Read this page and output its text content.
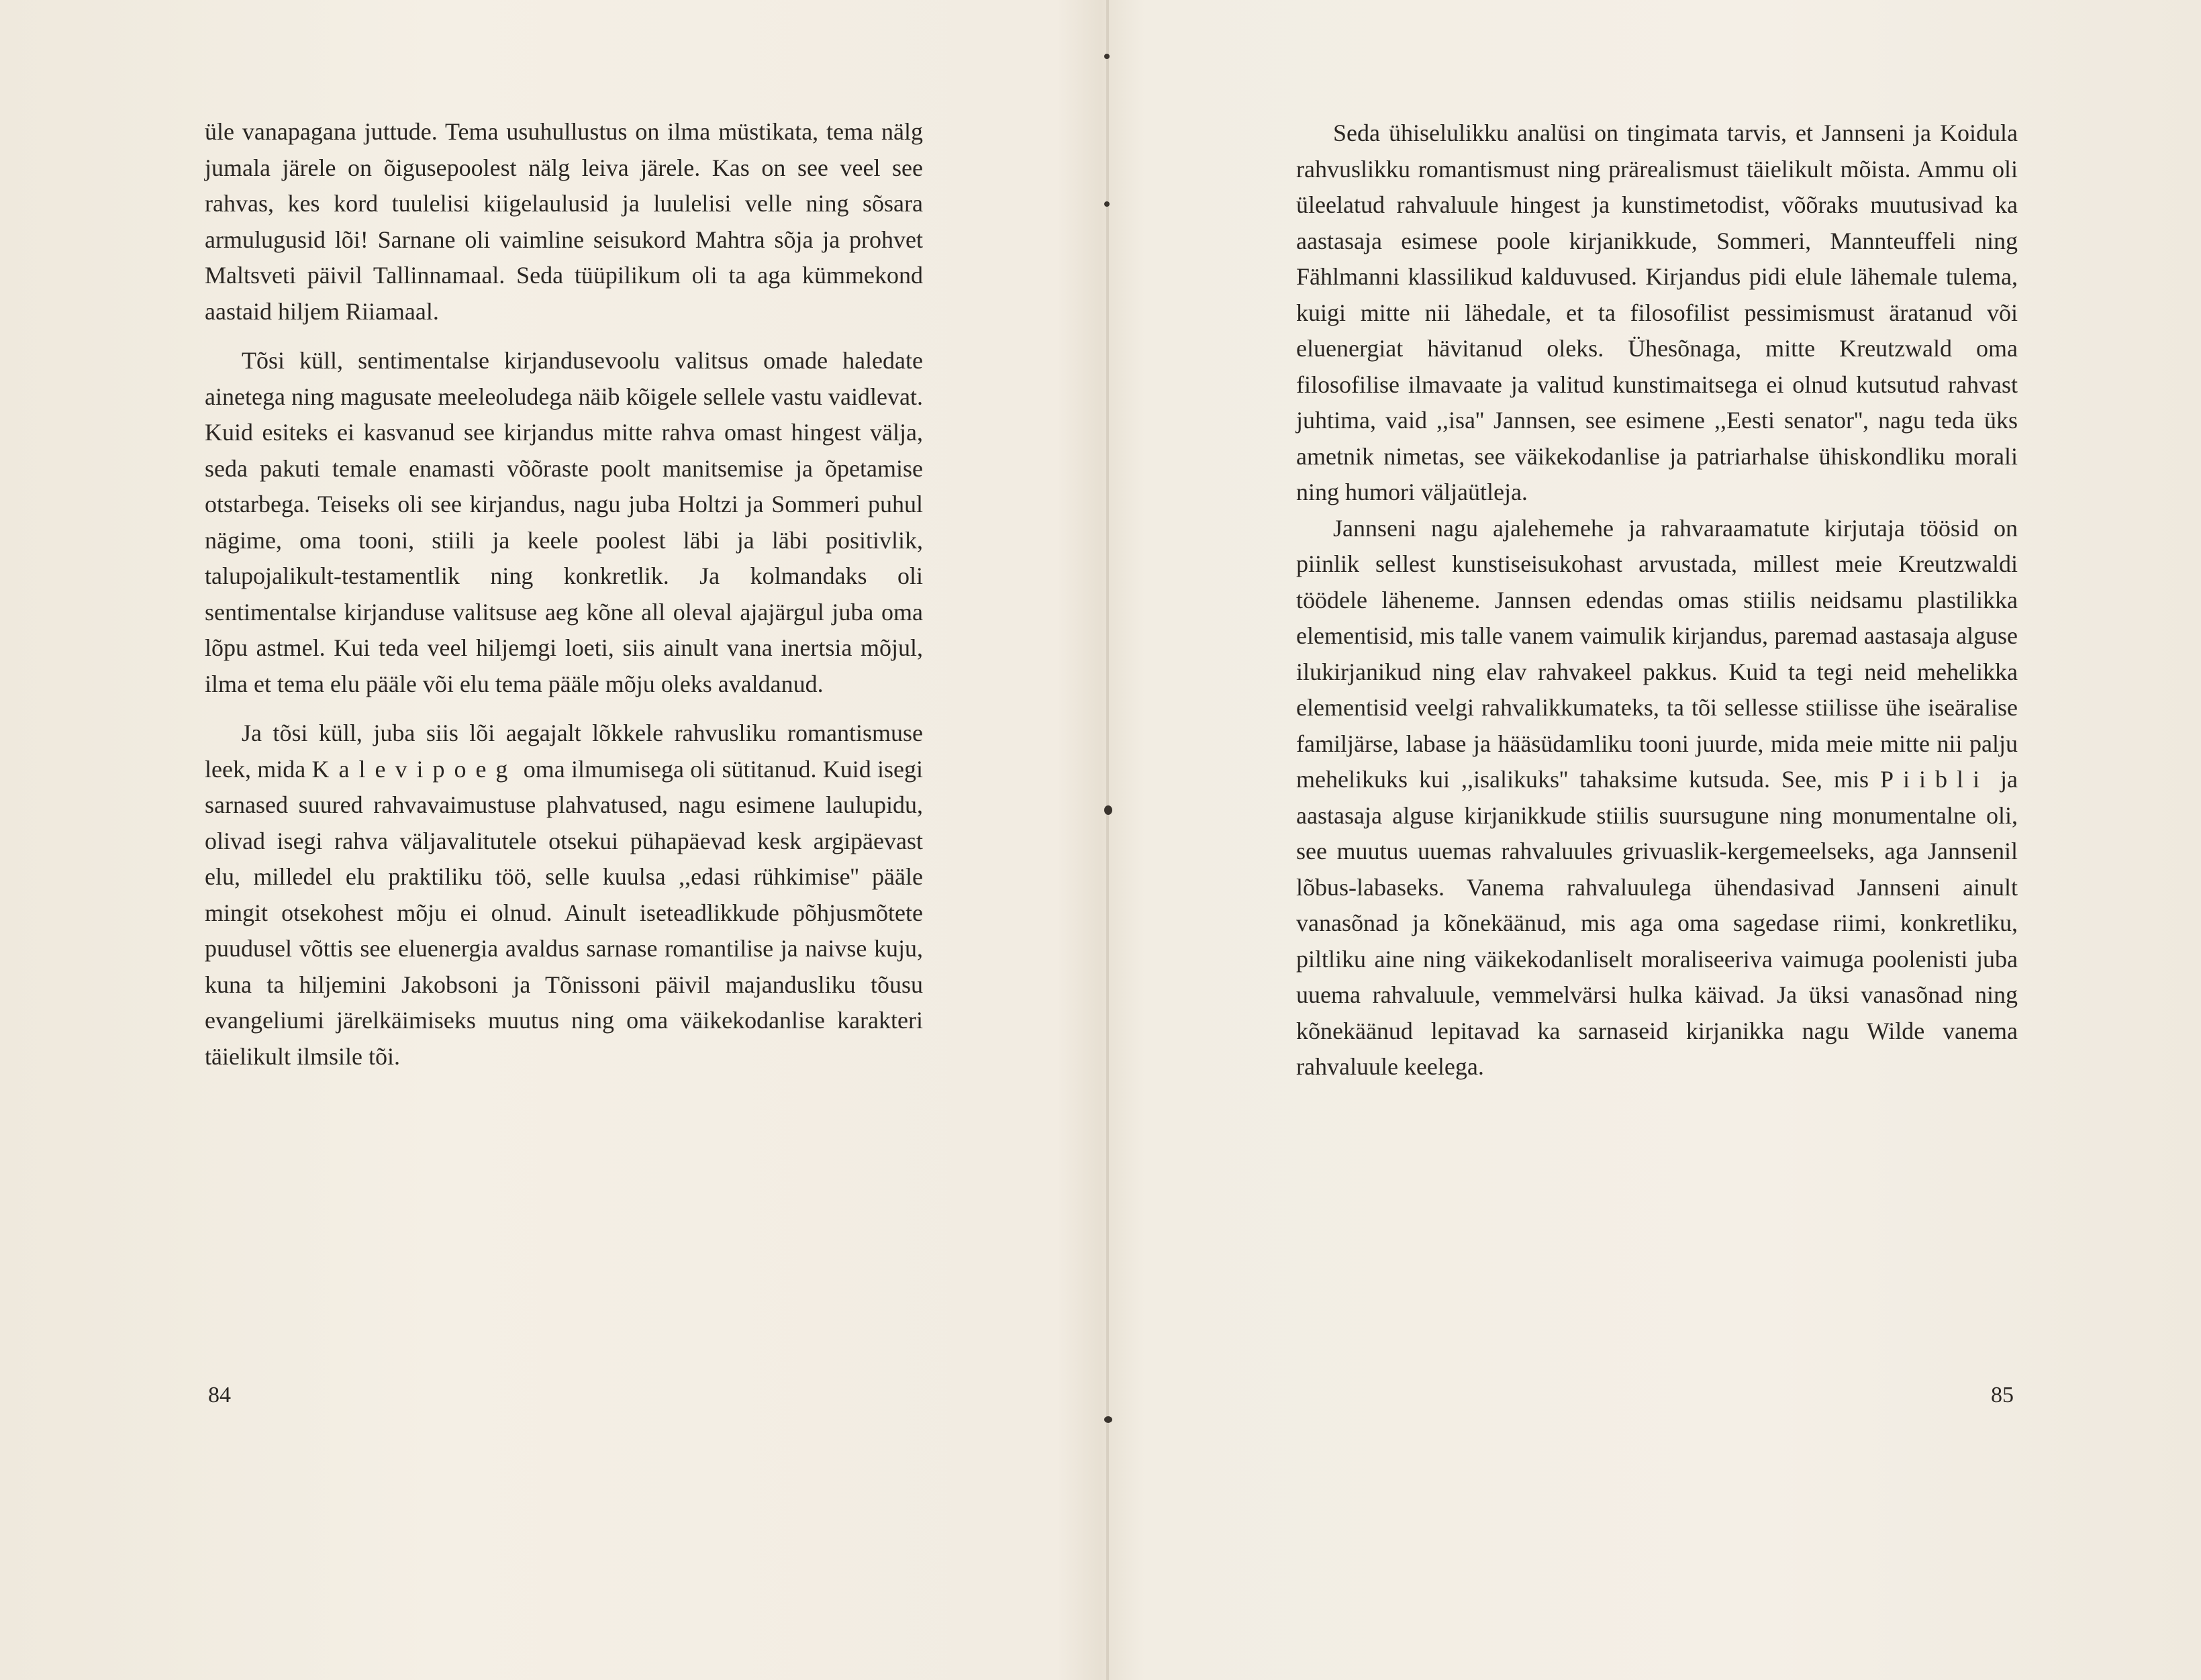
üle vanapagana juttude. Tema usuhullustus on ilma müstikata, tema nälg jumala järele on õigusepoolest nälg leiva järele. Kas on see veel see rahvas, kes kord tuulelisi kiigelaulusid ja luulelisi velle ning sõsara armulugusid lõi! Sarnane oli vaimline seisukord Mahtra sõja ja prohvet Maltsveti päivil Tallinnamaal. Seda tüüpilikum oli ta aga kümmekond aastaid hiljem Riiamaal.

Tõsi küll, sentimentalse kirjandusevoolu valitsus omade haledate ainetega ning magusate meeleoludega näib kõigele sellele vastu vaidlevat. Kuid esiteks ei kasvanud see kirjandus mitte rahva omast hingest välja, seda pakuti temale enamasti võõraste poolt manitsemise ja õpetamise otstarbega. Teiseks oli see kirjandus, nagu juba Holtzi ja Sommeri puhul nägime, oma tooni, stiili ja keele poolest läbi ja läbi positivlik, talupojalikult-testamentlik ning konkretlik. Ja kolmandaks oli sentimentalse kirjanduse valitsuse aeg kõne all oleval ajajärgul juba oma lõpu astmel. Kui teda veel hiljemgi loeti, siis ainult vana inertsia mõjul, ilma et tema elu pääle või elu tema pääle mõju oleks avaldanud.

Ja tõsi küll, juba siis lõi aegajalt lõkkele rahvusliku romantismuse leek, mida Kalevipoeg oma ilmumisega oli sütitanud. Kuid isegi sarnased suured rahvavaimustuse plahvatused, nagu esimene laulupidu, olivad isegi rahva väljavalitutele otsekui pühapäevad kesk argipäevast elu, milledel elu praktiliku töö, selle kuulsa ,,edasi rühkimise'' pääle mingit otsekohest mõju ei olnud. Ainult iseteadlikkude põhjusmõtete puudusel võttis see eluenergia avaldus sarnase romantilise ja naivse kuju, kuna ta hiljemini Jakobsoni ja Tõnissoni päivil majandusliku tõusu evangeliumi järelkäimiseks muutus ning oma väikekodanlise karakteri täielikult ilmsile tõi.

84

Seda ühiselulikku analüsi on tingimata tarvis, et Jannseni ja Koidula rahvuslikku romantismust ning prärealismust täielikult mõista. Ammu oli üleelatud rahvaluule hingest ja kunstimetodist, võõraks muutusivad ka aastasaja esimese poole kirjanikkude, Sommeri, Mannteuffeli ning Fählmanni klassilikud kalduvused. Kirjandus pidi elule lähemale tulema, kuigi mitte nii lähedale, et ta filosofilist pessimismust äratanud või eluenergiat hävitanud oleks. Ühesõnaga, mitte Kreutzwald oma filosofilise ilmavaate ja valitud kunstimaitsega ei olnud kutsutud rahvast juhtima, vaid ,,isa'' Jannsen, see esimene ,,Eesti senator'', nagu teda üks ametnik nimetas, see väikekodanlise ja patriarhalse ühiskondliku morali ning humori väljaütleja.

Jannseni nagu ajalehemehe ja rahvaraamatute kirjutaja töösid on piinlik sellest kunstiseisukohast arvustada, millest meie Kreutzwaldi töödele läheneme. Jannsen edendas omas stiilis neidsamu plastilikka elementisid, mis talle vanem vaimulik kirjandus, paremad aastasaja alguse ilukirjanikud ning elav rahvakeel pakkus. Kuid ta tegi neid mehelikka elementisid veelgi rahvalikkumateks, ta tõi sellesse stiilisse ühe iseäralise familjärse, labase ja hääsüdamliku tooni juurde, mida meie mitte nii palju mehelikuks kui ,,isalikuks'' tahaksime kutsuda. See, mis Piibli ja aastasaja alguse kirjanikkude stiilis suursugune ning monumentalne oli, see muutus uuemas rahvaluules grivuaslik-kergemeelseks, aga Jannsenil lõbus-labaseks. Vanema rahvaluulega ühendasivad Jannseni ainult vanasõnad ja kõnekäänud, mis aga oma sagedase riimi, konkretliku, piltliku aine ning väikekodanliselt moraliseeriva vaimuga poolenisti juba uuema rahvaluule, vemmelvärsi hulka käivad. Ja üksi vanasõnad ning kõnekäänud lepitavad ka sarnaseid kirjanikka nagu Wilde vanema rahvaluule keelega.

85
